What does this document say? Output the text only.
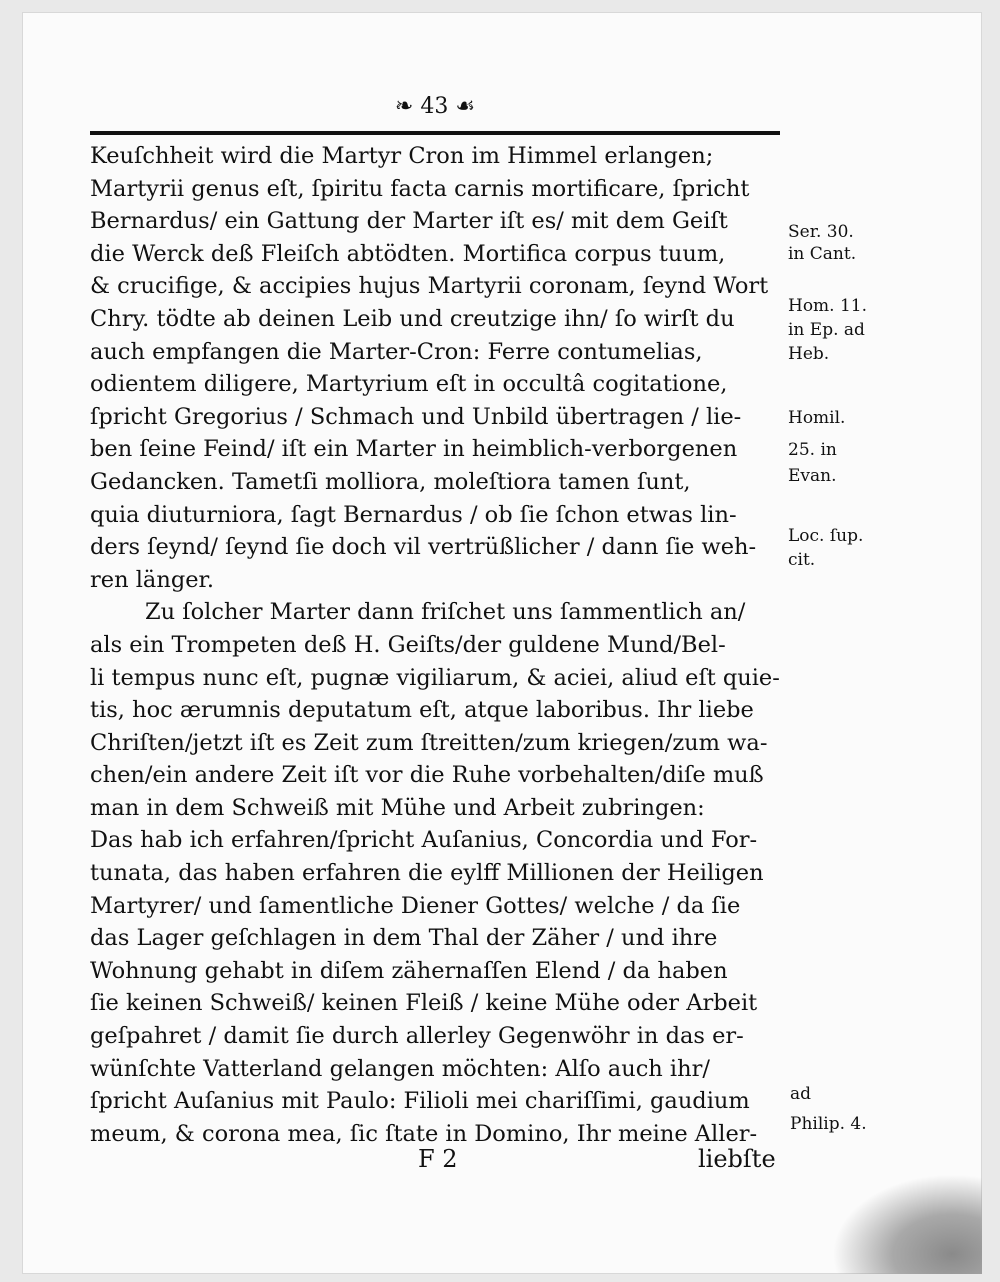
❧ 43 ☙
Keuſchheit wird die Martyr Cron im Himmel erlangen;
Martyrii genus eſt, ſpiritu facta carnis mortificare, ſpricht
Bernardus/ ein Gattung der Marter iſt es/ mit dem Geiſt
die Werck deß Fleiſch abtödten. Mortifica corpus tuum,
& crucifige, & accipies hujus Martyrii coronam, ſeynd Wort
Chry. tödte ab deinen Leib und creutzige ihn/ ſo wirſt du
auch empfangen die Marter-Cron: Ferre contumelias,
odientem diligere, Martyrium eſt in occultâ cogitatione,
ſpricht Gregorius / Schmach und Unbild übertragen / lie-
ben ſeine Feind/ iſt ein Marter in heimblich-verborgenen
Gedancken. Tametſi molliora, moleſtiora tamen ſunt,
quia diuturniora, ſagt Bernardus / ob ſie ſchon etwas lin-
ders ſeynd/ ſeynd ſie doch vil vertrüßlicher / dann ſie weh-
ren länger.
Zu ſolcher Marter dann friſchet uns ſammentlich an/
als ein Trompeten deß H. Geiſts/der guldene Mund/Bel-
li tempus nunc eſt, pugnæ vigiliarum, & aciei, aliud eſt quie-
tis, hoc ærumnis deputatum eſt, atque laboribus. Ihr liebe
Chriſten/jetzt iſt es Zeit zum ſtreitten/zum kriegen/zum wa-
chen/ein andere Zeit iſt vor die Ruhe vorbehalten/diſe muß
man in dem Schweiß mit Mühe und Arbeit zubringen:
Das hab ich erfahren/ſpricht Auſanius, Concordia und For-
tunata, das haben erfahren die eylff Millionen der Heiligen
Martyrer/ und ſamentliche Diener Gottes/ welche / da ſie
das Lager geſchlagen in dem Thal der Zäher / und ihre
Wohnung gehabt in diſem zähernaſſen Elend / da haben
ſie keinen Schweiß/ keinen Fleiß / keine Mühe oder Arbeit
geſpahret / damit ſie durch allerley Gegenwöhr in das er-
wünſchte Vatterland gelangen möchten: Alſo auch ihr/
ſpricht Auſanius mit Paulo: Filioli mei chariſſimi, gaudium
meum, & corona mea, ſic ſtate in Domino, Ihr meine Aller-
Ser. 30.
in Cant.
Hom. 11.
in Ep. ad
Heb.
Homil.
25. in
Evan.
Loc. ſup.
cit.
ad
Philip. 4.
F 2	liebſte
